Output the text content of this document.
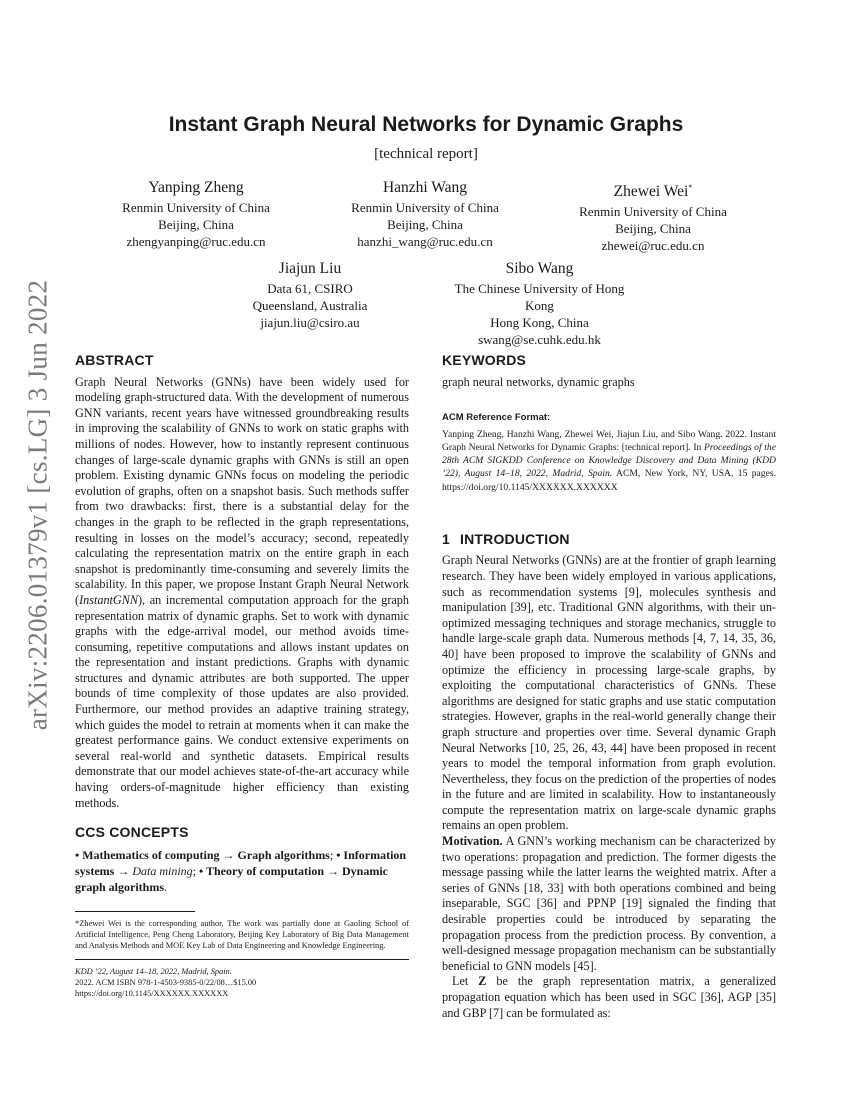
arXiv:2206.01379v1 [cs.LG] 3 Jun 2022
Instant Graph Neural Networks for Dynamic Graphs
[technical report]
Yanping Zheng
Renmin University of China
Beijing, China
zhengyanping@ruc.edu.cn
Hanzhi Wang
Renmin University of China
Beijing, China
hanzhi_wang@ruc.edu.cn
Zhewei Wei*
Renmin University of China
Beijing, China
zhewei@ruc.edu.cn
Jiajun Liu
Data 61, CSIRO
Queensland, Australia
jiajun.liu@csiro.au
Sibo Wang
The Chinese University of Hong
Kong
Hong Kong, China
swang@se.cuhk.edu.hk
ABSTRACT

Graph Neural Networks (GNNs) have been widely used for modeling graph-structured data. With the development of numerous GNN variants, recent years have witnessed groundbreaking results in improving the scalability of GNNs to work on static graphs with millions of nodes. However, how to instantly represent continuous changes of large-scale dynamic graphs with GNNs is still an open problem. Existing dynamic GNNs focus on modeling the periodic evolution of graphs, often on a snapshot basis. Such methods suffer from two drawbacks: first, there is a substantial delay for the changes in the graph to be reflected in the graph representations, resulting in losses on the model’s accuracy; second, repeatedly calculating the representation matrix on the entire graph in each snapshot is predominantly time-consuming and severely limits the scalability. In this paper, we propose Instant Graph Neural Network (InstantGNN), an incremental computation approach for the graph representation matrix of dynamic graphs. Set to work with dynamic graphs with the edge-arrival model, our method avoids time-consuming, repetitive computations and allows instant updates on the representation and instant predictions. Graphs with dynamic structures and dynamic attributes are both supported. The upper bounds of time complexity of those updates are also provided. Furthermore, our method provides an adaptive training strategy, which guides the model to retrain at moments when it can make the greatest performance gains. We conduct extensive experiments on several real-world and synthetic datasets. Empirical results demonstrate that our model achieves state-of-the-art accuracy while having orders-of-magnitude higher efficiency than existing methods.

CCS CONCEPTS

• Mathematics of computing → Graph algorithms; • Information systems → Data mining; • Theory of computation → Dynamic graph algorithms.

*Zhewei Wei is the corresponding author. The work was partially done at Gaoling School of Artificial Intelligence, Peng Cheng Laboratory, Beijing Key Laboratory of Big Data Management and Analysis Methods and MOE Key Lab of Data Engineering and Knowledge Engineering.

KDD ’22, August 14–18, 2022, Madrid, Spain.

2022. ACM ISBN 978-1-4503-9385-0/22/08…$15.00

https://doi.org/10.1145/XXXXXX.XXXXXX

KEYWORDS

graph neural networks, dynamic graphs

ACM Reference Format:

Yanping Zheng, Hanzhi Wang, Zhewei Wei, Jiajun Liu, and Sibo Wang. 2022. Instant Graph Neural Networks for Dynamic Graphs: [technical report]. In Proceedings of the 28th ACM SIGKDD Conference on Knowledge Discovery and Data Mining (KDD ’22), August 14–18, 2022, Madrid, Spain. ACM, New York, NY, USA, 15 pages. https://doi.org/10.1145/XXXXXX.XXXXXX

1 INTRODUCTION

Graph Neural Networks (GNNs) are at the frontier of graph learning research. They have been widely employed in various applications, such as recommendation systems [9], molecules synthesis and manipulation [39], etc. Traditional GNN algorithms, with their un-optimized messaging techniques and storage mechanics, struggle to handle large-scale graph data. Numerous methods [4, 7, 14, 35, 36, 40] have been proposed to improve the scalability of GNNs and optimize the efficiency in processing large-scale graphs, by exploiting the computational characteristics of GNNs. These algorithms are designed for static graphs and use static computation strategies. However, graphs in the real-world generally change their graph structure and properties over time. Several dynamic Graph Neural Networks [10, 25, 26, 43, 44] have been proposed in recent years to model the temporal information from graph evolution. Nevertheless, they focus on the prediction of the properties of nodes in the future and are limited in scalability. How to instantaneously compute the representation matrix on large-scale dynamic graphs remains an open problem.

Motivation. A GNN’s working mechanism can be characterized by two operations: propagation and prediction. The former digests the message passing while the latter learns the weighted matrix. After a series of GNNs [18, 33] with both operations combined and being inseparable, SGC [36] and PPNP [19] signaled the finding that desirable properties could be introduced by separating the propagation process from the prediction process. By convention, a well-designed message propagation mechanism can be substantially beneficial to GNN models [45].

Let Z be the graph representation matrix, a generalized propagation equation which has been used in SGC [36], AGP [35] and GBP [7] can be formulated as:
